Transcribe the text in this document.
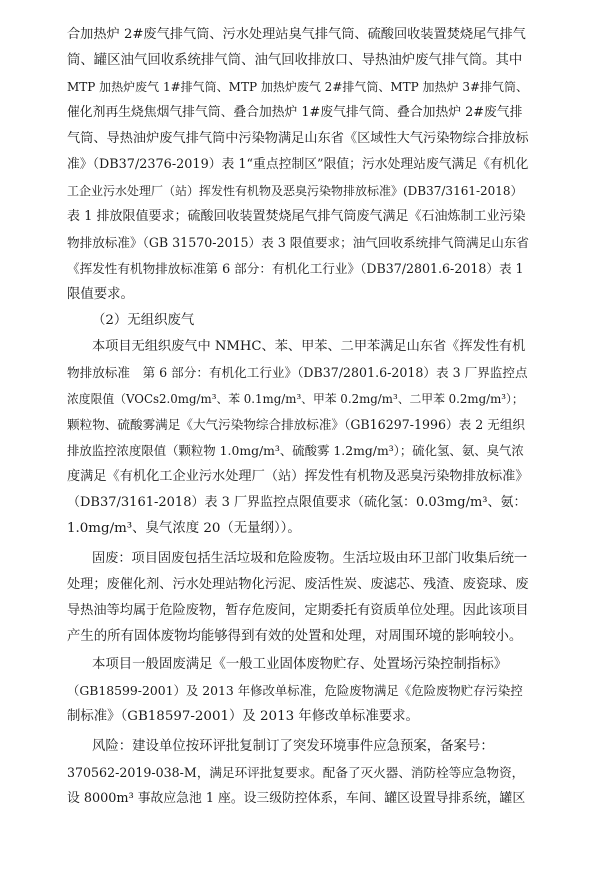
合加热炉 2#废气排气筒、污水处理站臭气排气筒、硫酸回收装置焚烧尾气排气
筒、罐区油气回收系统排气筒、油气回收排放口、导热油炉废气排气筒。其中
MTP 加热炉废气 1#排气筒、MTP 加热炉废气 2#排气筒、MTP 加热炉 3#排气筒、
催化剂再生烧焦烟气排气筒、叠合加热炉 1#废气排气筒、叠合加热炉 2#废气排
气筒、导热油炉废气排气筒中污染物满足山东省《区域性大气污染物综合排放标
准》（DB37/2376-2019）表 1“重点控制区”限值；污水处理站废气满足《有机化
工企业污水处理厂（站）挥发性有机物及恶臭污染物排放标准》(DB37/3161-2018）
表 1 排放限值要求；硫酸回收装置焚烧尾气排气筒废气满足《石油炼制工业污染
物排放标准》（GB 31570-2015）表 3 限值要求；油气回收系统排气筒满足山东省
《挥发性有机物排放标准第 6 部分：有机化工行业》（DB37/2801.6-2018）表 1
限值要求。
（2）无组织废气
本项目无组织废气中 NMHC、苯、甲苯、二甲苯满足山东省《挥发性有机
物排放标准　第 6 部分：有机化工行业》（DB37/2801.6-2018）表 3 厂界监控点
浓度限值（VOCs2.0mg/m³、苯 0.1mg/m³、甲苯 0.2mg/m³、二甲苯 0.2mg/m³）；
颗粒物、硫酸雾满足《大气污染物综合排放标准》（GB16297-1996）表 2 无组织
排放监控浓度限值（颗粒物 1.0mg/m³、硫酸雾 1.2mg/m³）；硫化氢、氨、臭气浓
度满足《有机化工企业污水处理厂（站）挥发性有机物及恶臭污染物排放标准》
（DB37/3161-2018）表 3 厂界监控点限值要求（硫化氢：0.03mg/m³、氨：
1.0mg/m³、臭气浓度 20（无量纲））。
固废：项目固废包括生活垃圾和危险废物。生活垃圾由环卫部门收集后统一
处理；废催化剂、污水处理站物化污泥、废活性炭、废滤芯、残渣、废瓷球、废
导热油等均属于危险废物，暂存危废间，定期委托有资质单位处理。因此该项目
产生的所有固体废物均能够得到有效的处置和处理，对周围环境的影响较小。
本项目一般固废满足《一般工业固体废物贮存、处置场污染控制指标》
（GB18599-2001）及 2013 年修改单标准，危险废物满足《危险废物贮存污染控
制标准》（GB18597-2001）及 2013 年修改单标准要求。
风险：建设单位按环评批复制订了突发环境事件应急预案，备案号：
370562-2019-038-M，满足环评批复要求。配备了灭火器、消防栓等应急物资，
设 8000m³ 事故应急池 1 座。设三级防控体系，车间、罐区设置导排系统，罐区
